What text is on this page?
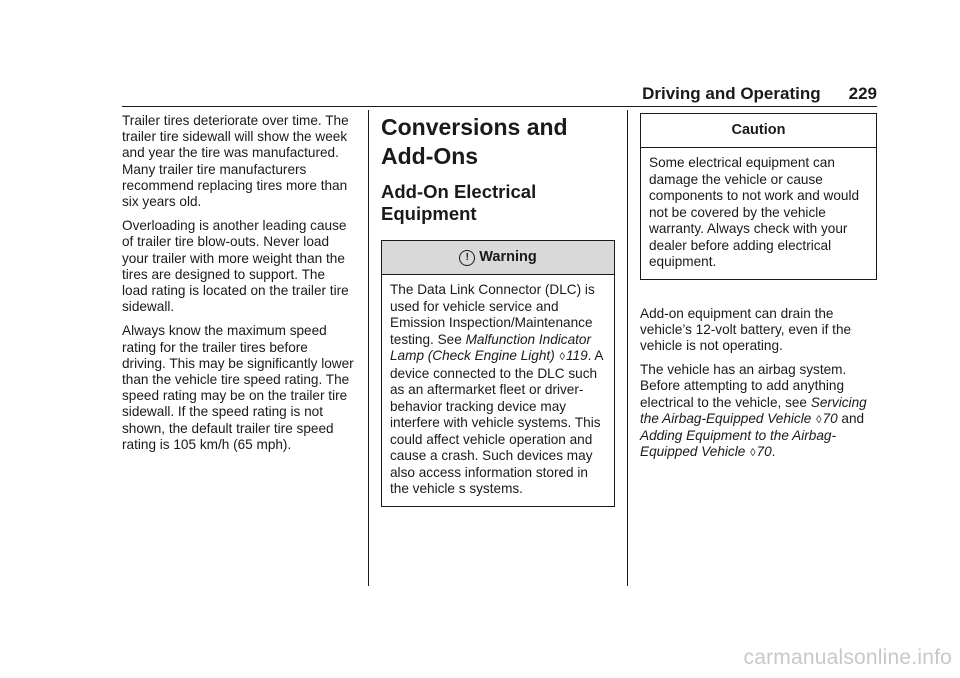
Driving and Operating 229

Trailer tires deteriorate over time. The trailer tire sidewall will show the week and year the tire was manufactured. Many trailer tire manufacturers recommend replacing tires more than six years old.

Overloading is another leading cause of trailer tire blow-outs. Never load your trailer with more weight than the tires are designed to support. The load rating is located on the trailer tire sidewall.

Always know the maximum speed rating for the trailer tires before driving. This may be significantly lower than the vehicle tire speed rating. The speed rating may be on the trailer tire sidewall. If the speed rating is not shown, the default trailer tire speed rating is 105 km/h (65 mph).

Conversions and Add-Ons
Add-On Electrical Equipment
! Warning
The Data Link Connector (DLC) is used for vehicle service and Emission Inspection/Maintenance testing. See Malfunction Indicator Lamp (Check Engine Light) ◊119. A device connected to the DLC such as an aftermarket fleet or driver-behavior tracking device may interfere with vehicle systems. This could affect vehicle operation and cause a crash. Such devices may also access information stored in the vehicle s systems.
Caution
Some electrical equipment can damage the vehicle or cause components to not work and would not be covered by the vehicle warranty. Always check with your dealer before adding electrical equipment.

Add-on equipment can drain the vehicle’s 12-volt battery, even if the vehicle is not operating.

The vehicle has an airbag system. Before attempting to add anything electrical to the vehicle, see Servicing the Airbag-Equipped Vehicle ◊70 and Adding Equipment to the Airbag-Equipped Vehicle ◊70.

carmanualsonline.info
